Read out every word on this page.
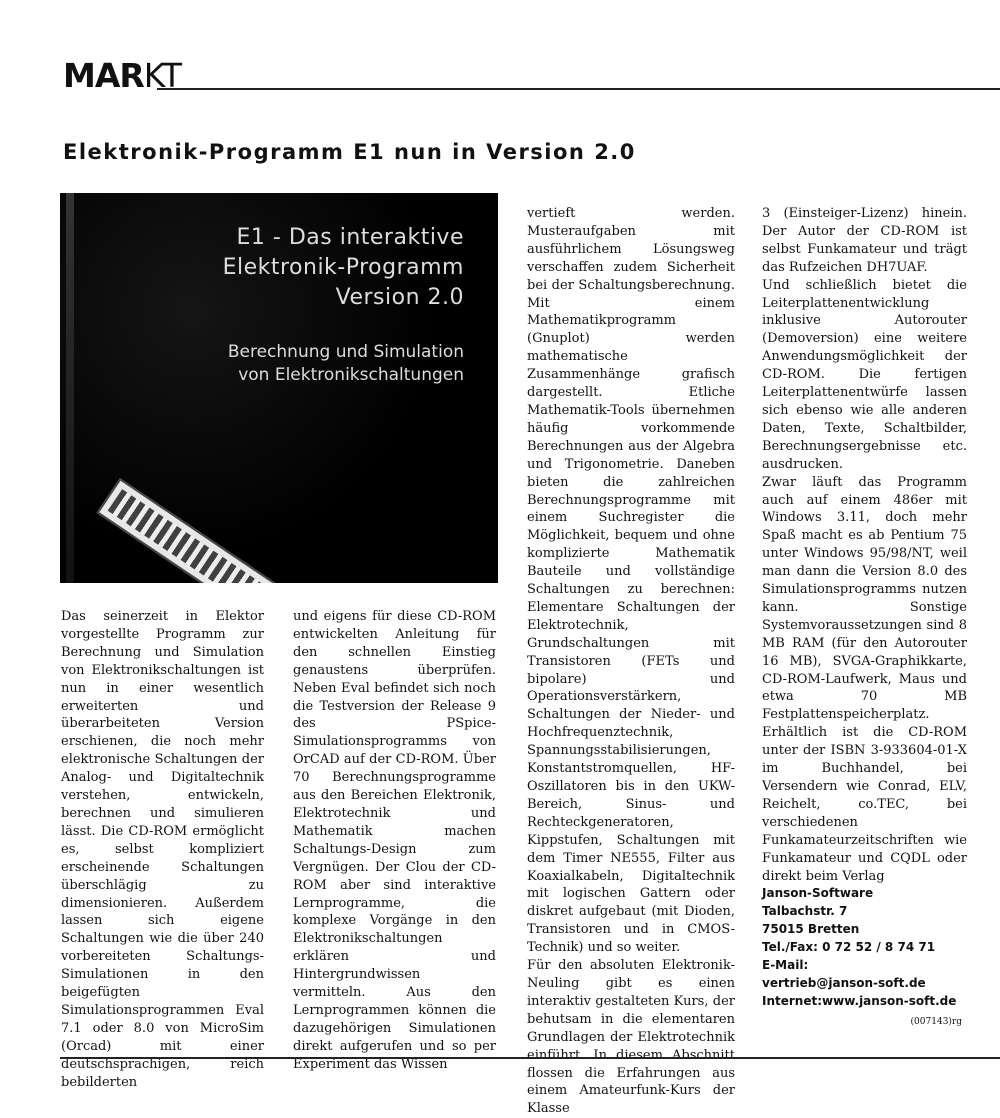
MARKT
Elektronik-Programm E1 nun in Version 2.0
E1 - Das interaktive
Elektronik-Programm
Version 2.0
Berechnung und Simulation
von Elektronikschaltungen

Das seinerzeit in Elektor vorgestellte Programm zur Berechnung und Simulation von Elektronikschaltungen ist nun in einer wesentlich erweiterten und überarbeiteten Version erschienen, die noch mehr elektronische Schaltungen der Analog- und Digitaltechnik verstehen, entwickeln, berechnen und simulieren lässt. Die CD-ROM ermöglicht es, selbst kompliziert erscheinende Schaltungen überschlägig zu dimensionieren. Außerdem lassen sich eigene Schaltungen wie die über 240 vorbereiteten Schaltungs-Simulationen in den beigefügten Simulationsprogrammen Eval 7.1 oder 8.0 von MicroSim (Orcad) mit einer deutschsprachigen, reich bebilderten

und eigens für diese CD-ROM entwickelten Anleitung für den schnellen Einstieg genaustens überprüfen. Neben Eval befindet sich noch die Testversion der Release 9 des PSpice-Simulationsprogramms von OrCAD auf der CD-ROM. Über 70 Berechnungsprogramme aus den Bereichen Elektronik, Elektrotechnik und Mathematik machen Schaltungs-Design zum Vergnügen. Der Clou der CD-ROM aber sind interaktive Lernprogramme, die komplexe Vorgänge in den Elektronikschaltungen erklären und Hintergrundwissen vermitteln. Aus den Lernprogrammen können die dazugehörigen Simulationen direkt aufgerufen und so per Experiment das Wissen

vertieft werden. Musteraufgaben mit ausführlichem Lösungsweg verschaffen zudem Sicherheit bei der Schaltungsberechnung. Mit einem Mathematikprogramm (Gnuplot) werden mathematische Zusammenhänge grafisch dargestellt. Etliche Mathematik-Tools übernehmen häufig vorkommende Berechnungen aus der Algebra und Trigonometrie. Daneben bieten die zahlreichen Berechnungsprogramme mit einem Suchregister die Möglichkeit, bequem und ohne komplizierte Mathematik Bauteile und vollständige Schaltungen zu berechnen: Elementare Schaltungen der Elektrotechnik, Grundschaltungen mit Transistoren (FETs und bipolare) und Operationsverstärkern, Schaltungen der Nieder- und Hochfrequenztechnik, Spannungsstabilisierungen, Konstantstromquellen, HF-Oszillatoren bis in den UKW-Bereich, Sinus- und Rechteckgeneratoren, Kippstufen, Schaltungen mit dem Timer NE555, Filter aus Koaxialkabeln, Digitaltechnik mit logischen Gattern oder diskret aufgebaut (mit Dioden, Transistoren und in CMOS-Technik) und so weiter.

Für den absoluten Elektronik-Neuling gibt es einen interaktiv gestalteten Kurs, der behutsam in die elementaren Grundlagen der Elektrotechnik einführt. In diesem Abschnitt flossen die Erfahrungen aus einem Amateurfunk-Kurs der Klasse

3 (Einsteiger-Lizenz) hinein. Der Autor der CD-ROM ist selbst Funkamateur und trägt das Rufzeichen DH7UAF.

Und schließlich bietet die Leiterplattenentwicklung inklusive Autorouter (Demoversion) eine weitere Anwendungsmöglichkeit der CD-ROM. Die fertigen Leiterplattenentwürfe lassen sich ebenso wie alle anderen Daten, Texte, Schaltbilder, Berechnungsergebnisse etc. ausdrucken.

Zwar läuft das Programm auch auf einem 486er mit Windows 3.11, doch mehr Spaß macht es ab Pentium 75 unter Windows 95/98/NT, weil man dann die Version 8.0 des Simulationsprogramms nutzen kann. Sonstige Systemvoraussetzungen sind 8 MB RAM (für den Autorouter 16 MB), SVGA-Graphikkarte, CD-ROM-Laufwerk, Maus und etwa 70 MB Festplattenspeicherplatz.

Erhältlich ist die CD-ROM unter der ISBN 3-933604-01-X im Buchhandel, bei Versendern wie Conrad, ELV, Reichelt, co.TEC, bei verschiedenen Funkamateurzeitschriften wie Funkamateur und CQDL oder direkt beim Verlag

Janson-Software
Talbachstr. 7
75015 Bretten
Tel./Fax: 0 72 52 / 8 74 71
E-Mail:
vertrieb@janson-soft.de
Internet:www.janson-soft.de
(007143)rg
